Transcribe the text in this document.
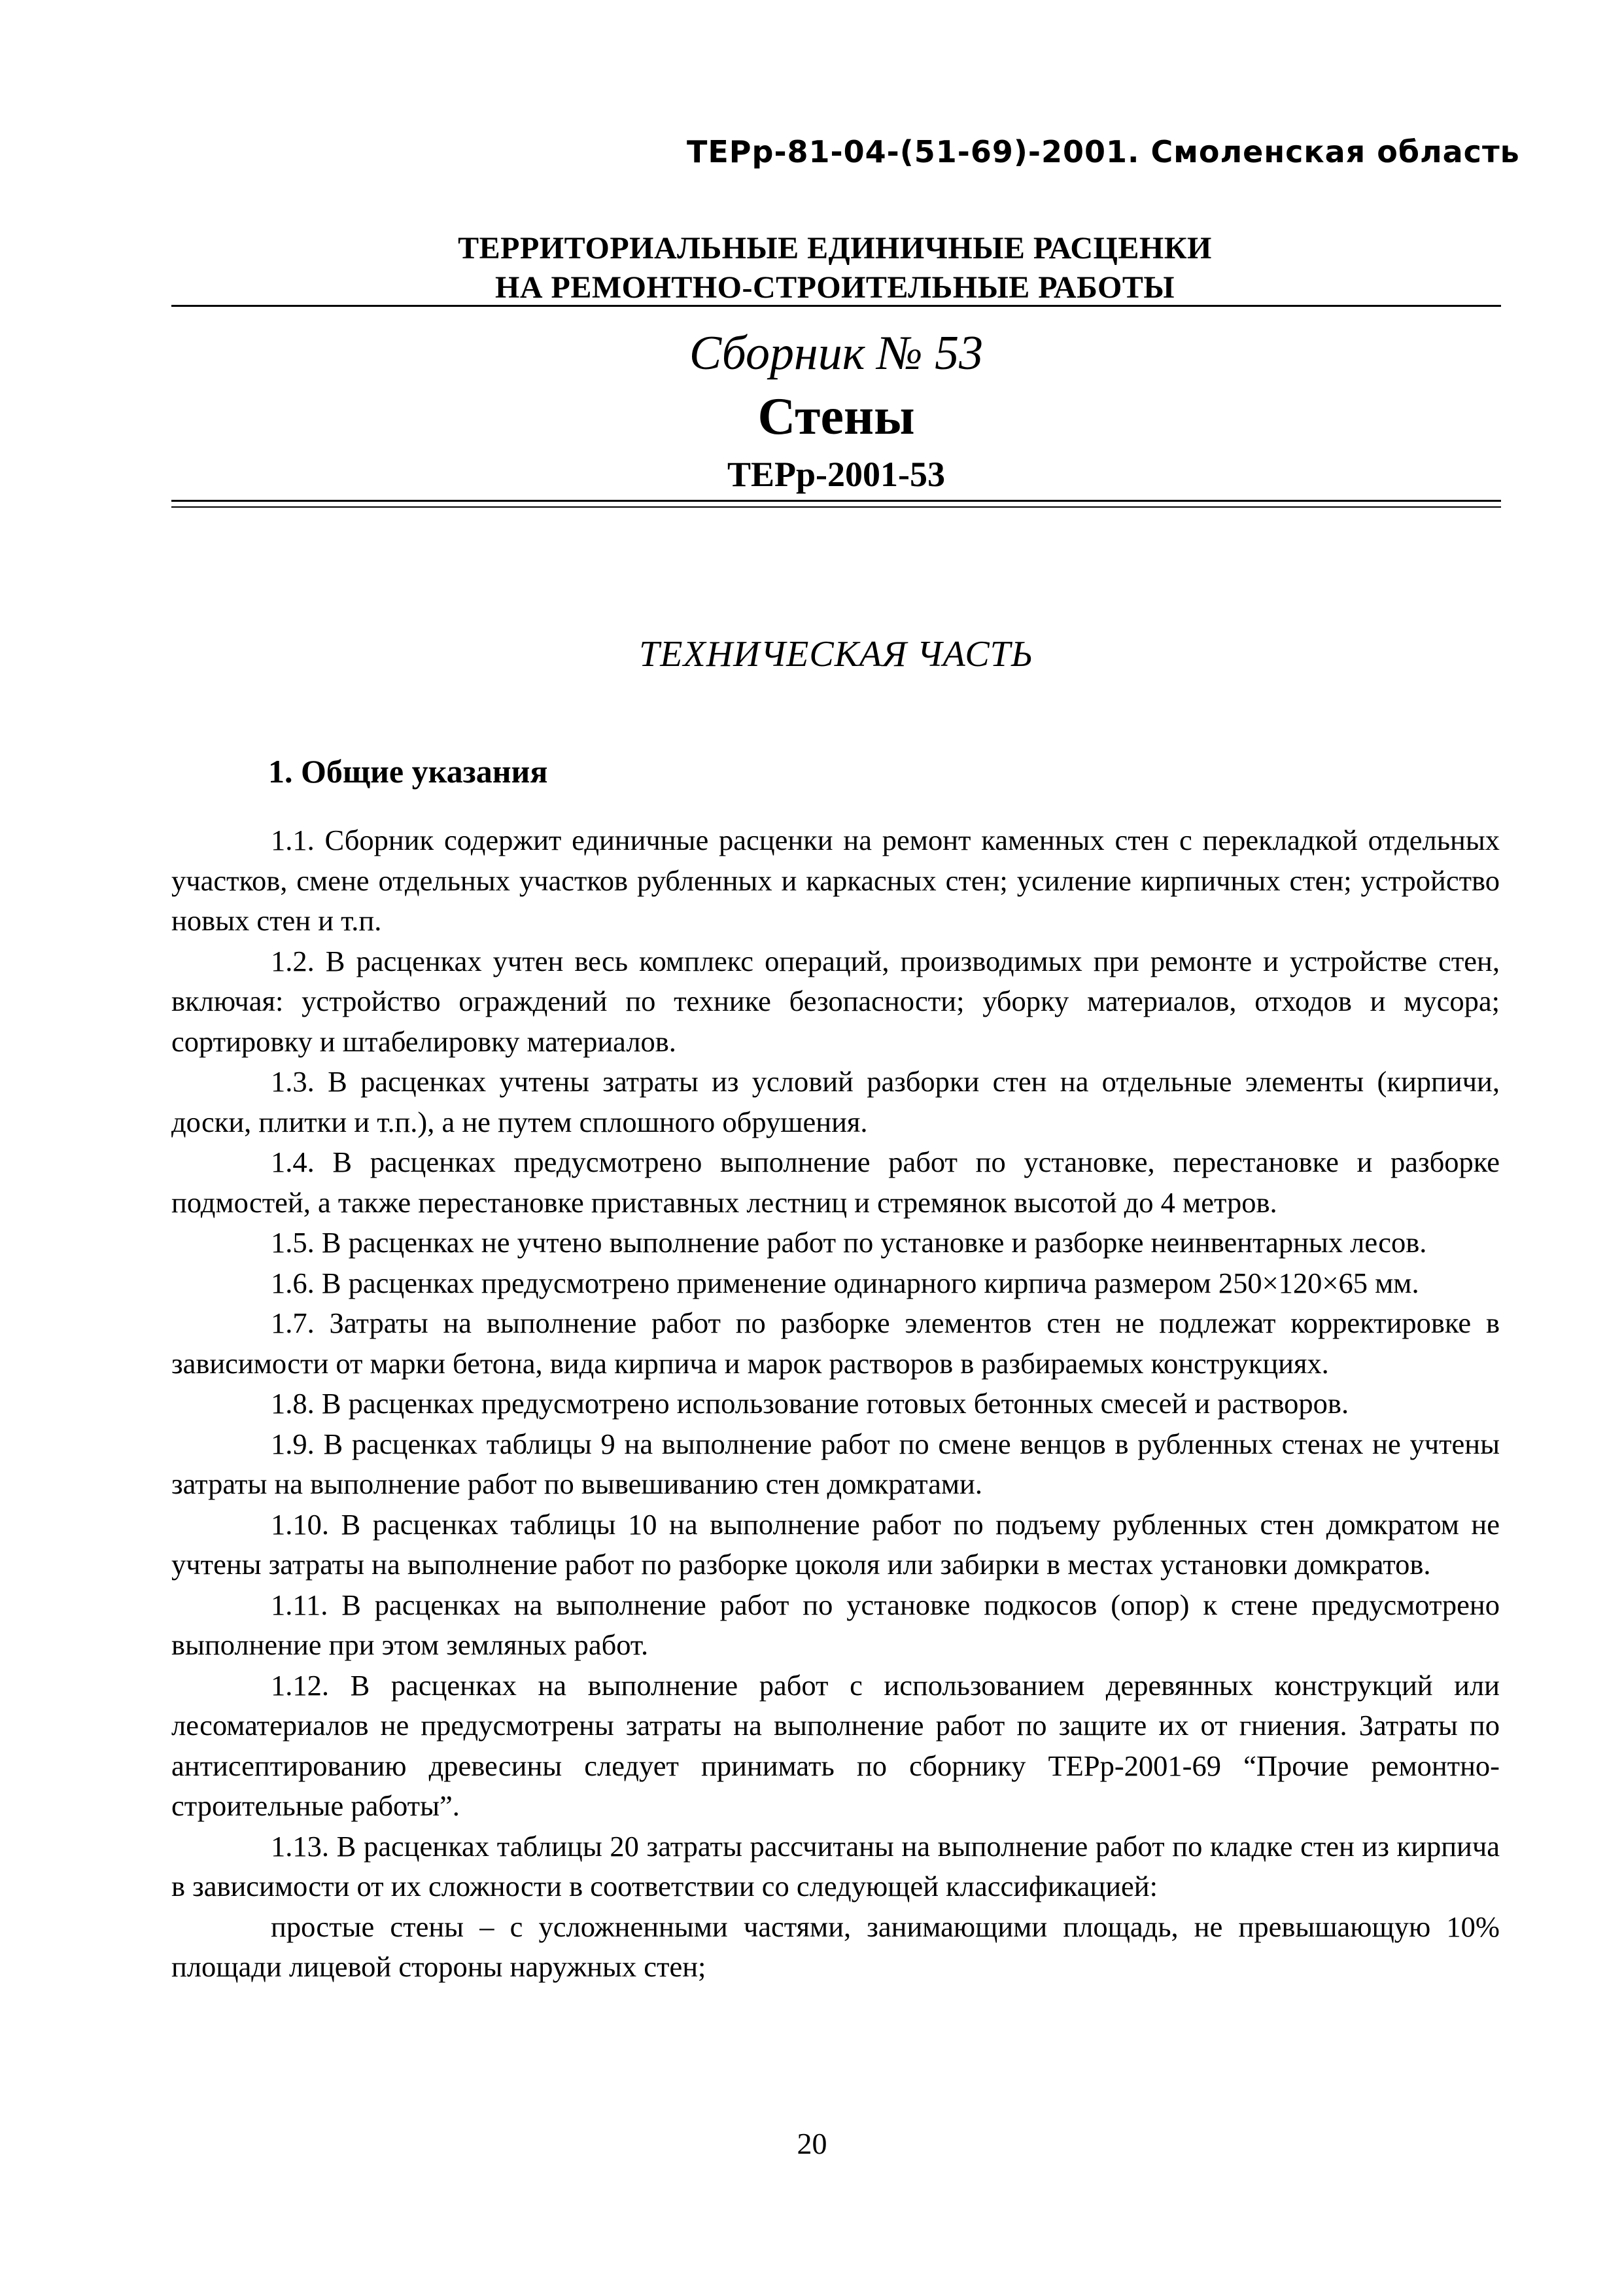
ТЕРр-81-04-(51-69)-2001. Смоленская область
ТЕРРИТОРИАЛЬНЫЕ ЕДИНИЧНЫЕ РАСЦЕНКИ
НА РЕМОНТНО-СТРОИТЕЛЬНЫЕ РАБОТЫ
Сборник № 53
Стены
ТЕРр-2001-53
ТЕХНИЧЕСКАЯ ЧАСТЬ
1. Общие указания

1.1. Сборник содержит единичные расценки на ремонт каменных стен с перекладкой отдельных участков, смене отдельных участков рубленных и каркасных стен; усиление кирпичных стен; устройство новых стен и т.п.

1.2. В расценках учтен весь комплекс операций, производимых при ремонте и устройстве стен, включая: устройство ограждений по технике безопасности; уборку материалов, отходов и мусора; сортировку и штабелировку материалов.

1.3. В расценках учтены затраты из условий разборки стен на отдельные элементы (кирпичи, доски, плитки и т.п.), а не путем сплошного обрушения.

1.4. В расценках предусмотрено выполнение работ по установке, перестановке и разборке подмостей, а также перестановке приставных лестниц и стремянок высотой до 4 метров.

1.5. В расценках не учтено выполнение работ по установке и разборке неинвентарных лесов.

1.6. В расценках предусмотрено применение одинарного кирпича размером 250×120×65 мм.

1.7. Затраты на выполнение работ по разборке элементов стен не подлежат корректировке в зависимости от марки бетона, вида кирпича и марок растворов в разбираемых конструкциях.

1.8. В расценках предусмотрено использование готовых бетонных смесей и растворов.

1.9. В расценках таблицы 9 на выполнение работ по смене венцов в рубленных стенах не учтены затраты на выполнение работ по вывешиванию стен домкратами.

1.10. В расценках таблицы 10 на выполнение работ по подъему рубленных стен домкратом не учтены затраты на выполнение работ по разборке цоколя или забирки в местах установки домкратов.

1.11. В расценках на выполнение работ по установке подкосов (опор) к стене предусмотрено выполнение при этом земляных работ.

1.12. В расценках на выполнение работ с использованием деревянных конструкций или лесоматериалов не предусмотрены затраты на выполнение работ по защите их от гниения. Затраты по антисептированию древесины следует принимать по сборнику ТЕРр-2001-69 “Прочие ремонтно-строительные работы”.

1.13. В расценках таблицы 20 затраты рассчитаны на выполнение работ по кладке стен из кирпича в зависимости от их сложности в соответствии со следующей классификацией:

простые стены – с усложненными частями, занимающими площадь, не превышающую 10% площади лицевой стороны наружных стен;

20
